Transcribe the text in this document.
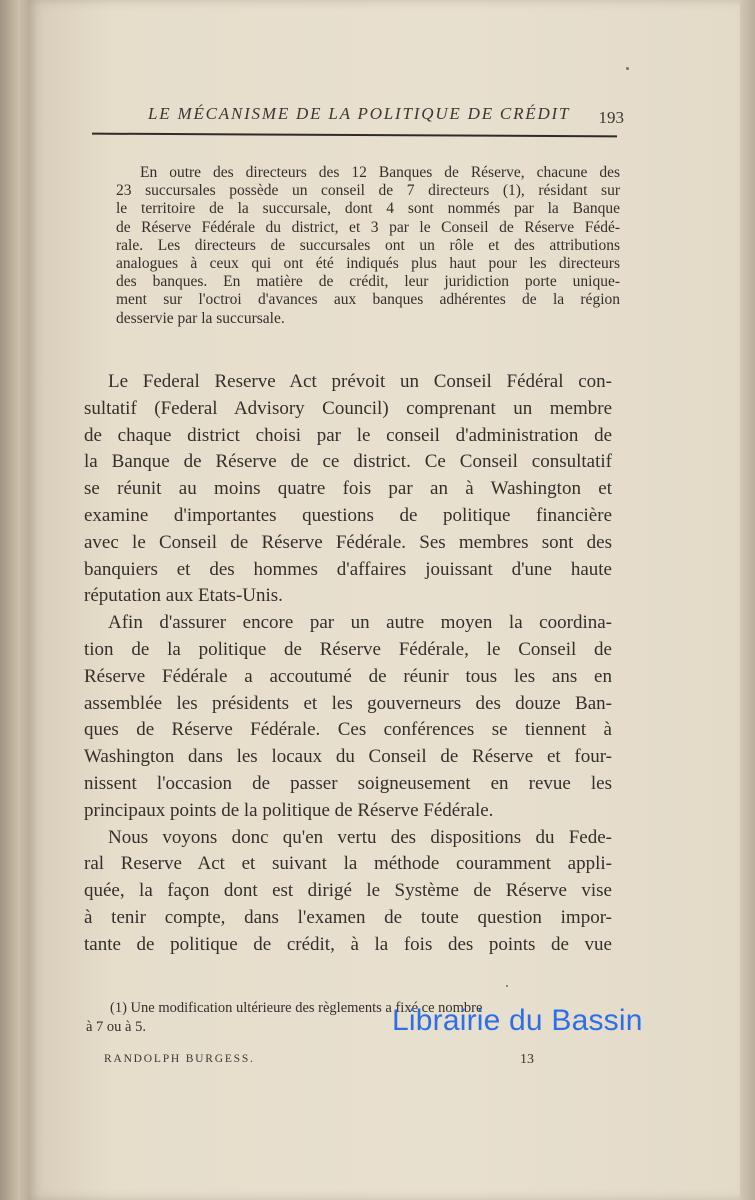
LE MÉCANISME DE LA POLITIQUE DE CRÉDIT 193
En outre des directeurs des 12 Banques de Réserve, chacune des
23 succursales possède un conseil de 7 directeurs (1), résidant sur
le territoire de la succursale, dont 4 sont nommés par la Banque
de Réserve Fédérale du district, et 3 par le Conseil de Réserve Fédé-
rale. Les directeurs de succursales ont un rôle et des attributions
analogues à ceux qui ont été indiqués plus haut pour les directeurs
des banques. En matière de crédit, leur juridiction porte unique-
ment sur l'octroi d'avances aux banques adhérentes de la région
desservie par la succursale.
Le Federal Reserve Act prévoit un Conseil Fédéral con-
sultatif (Federal Advisory Council) comprenant un membre
de chaque district choisi par le conseil d'administration de
la Banque de Réserve de ce district. Ce Conseil consultatif
se réunit au moins quatre fois par an à Washington et
examine d'importantes questions de politique financière
avec le Conseil de Réserve Fédérale. Ses membres sont des
banquiers et des hommes d'affaires jouissant d'une haute
réputation aux Etats-Unis.
Afin d'assurer encore par un autre moyen la coordina-
tion de la politique de Réserve Fédérale, le Conseil de
Réserve Fédérale a accoutumé de réunir tous les ans en
assemblée les présidents et les gouverneurs des douze Ban-
ques de Réserve Fédérale. Ces conférences se tiennent à
Washington dans les locaux du Conseil de Réserve et four-
nissent l'occasion de passer soigneusement en revue les
principaux points de la politique de Réserve Fédérale.
Nous voyons donc qu'en vertu des dispositions du Fede-
ral Reserve Act et suivant la méthode couramment appli-
quée, la façon dont est dirigé le Système de Réserve vise
à tenir compte, dans l'examen de toute question impor-
tante de politique de crédit, à la fois des points de vue
(1) Une modification ultérieure des règlements a fixé ce nombre
à 7 ou à 5.
RANDOLPH BURGESS.	13
Librairie du Bassin
